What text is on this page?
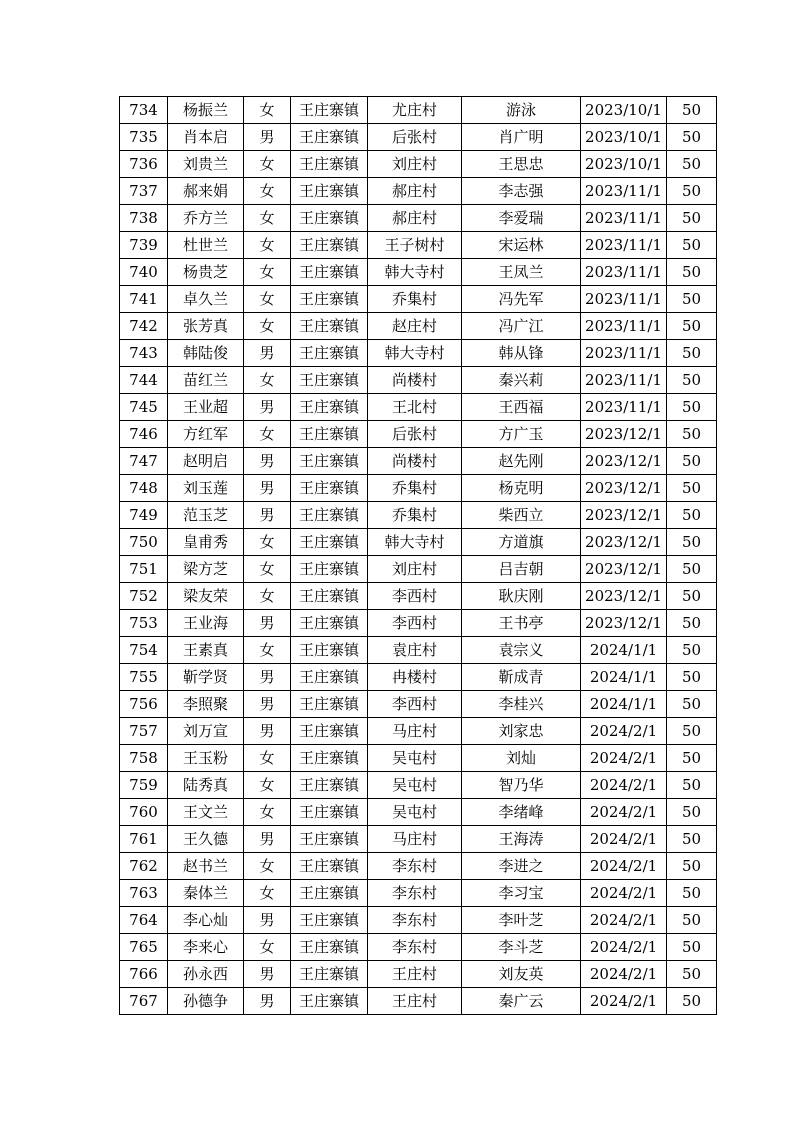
734	杨振兰	女	王庄寨镇	尤庄村	游泳	2023/10/1	50
735	肖本启	男	王庄寨镇	后张村	肖广明	2023/10/1	50
736	刘贵兰	女	王庄寨镇	刘庄村	王思忠	2023/10/1	50
737	郝来娟	女	王庄寨镇	郝庄村	李志强	2023/11/1	50
738	乔方兰	女	王庄寨镇	郝庄村	李爱瑞	2023/11/1	50
739	杜世兰	女	王庄寨镇	王子树村	宋运林	2023/11/1	50
740	杨贵芝	女	王庄寨镇	韩大寺村	王凤兰	2023/11/1	50
741	卓久兰	女	王庄寨镇	乔集村	冯先军	2023/11/1	50
742	张芳真	女	王庄寨镇	赵庄村	冯广江	2023/11/1	50
743	韩陆俊	男	王庄寨镇	韩大寺村	韩从锋	2023/11/1	50
744	苗红兰	女	王庄寨镇	尚楼村	秦兴莉	2023/11/1	50
745	王业超	男	王庄寨镇	王北村	王西福	2023/11/1	50
746	方红军	女	王庄寨镇	后张村	方广玉	2023/12/1	50
747	赵明启	男	王庄寨镇	尚楼村	赵先刚	2023/12/1	50
748	刘玉莲	男	王庄寨镇	乔集村	杨克明	2023/12/1	50
749	范玉芝	男	王庄寨镇	乔集村	柴西立	2023/12/1	50
750	皇甫秀	女	王庄寨镇	韩大寺村	方道旗	2023/12/1	50
751	梁方芝	女	王庄寨镇	刘庄村	吕吉朝	2023/12/1	50
752	梁友荣	女	王庄寨镇	李西村	耿庆刚	2023/12/1	50
753	王业海	男	王庄寨镇	李西村	王书亭	2023/12/1	50
754	王素真	女	王庄寨镇	袁庄村	袁宗义	2024/1/1	50
755	靳学贤	男	王庄寨镇	冉楼村	靳成青	2024/1/1	50
756	李照聚	男	王庄寨镇	李西村	李桂兴	2024/1/1	50
757	刘万宣	男	王庄寨镇	马庄村	刘家忠	2024/2/1	50
758	王玉粉	女	王庄寨镇	吴屯村	刘灿	2024/2/1	50
759	陆秀真	女	王庄寨镇	吴屯村	智乃华	2024/2/1	50
760	王文兰	女	王庄寨镇	吴屯村	李绪峰	2024/2/1	50
761	王久德	男	王庄寨镇	马庄村	王海涛	2024/2/1	50
762	赵书兰	女	王庄寨镇	李东村	李进之	2024/2/1	50
763	秦体兰	女	王庄寨镇	李东村	李习宝	2024/2/1	50
764	李心灿	男	王庄寨镇	李东村	李叶芝	2024/2/1	50
765	李来心	女	王庄寨镇	李东村	李斗芝	2024/2/1	50
766	孙永西	男	王庄寨镇	王庄村	刘友英	2024/2/1	50
767	孙德争	男	王庄寨镇	王庄村	秦广云	2024/2/1	50
